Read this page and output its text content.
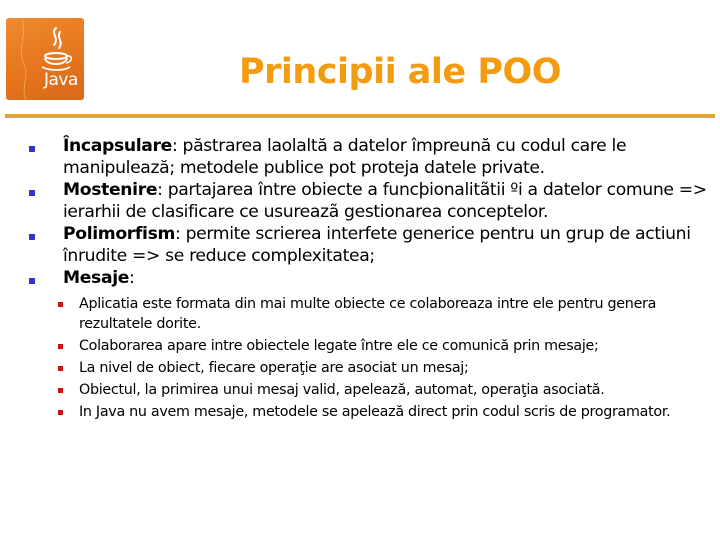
Java	Principii ale POO
Încapsulare: păstrarea laolaltă a datelor împreună cu codul care le manipulează; metodele publice pot proteja datele private.
Mostenire: partajarea între obiecte a funcþionalitãtii ºi a datelor comune => ierarhii de clasificare ce usureazã gestionarea conceptelor.
Polimorfism: permite scrierea interfete generice pentru un grup de actiuni înrudite => se reduce complexitatea;
Mesaje:
Aplicatia este formata din mai multe obiecte ce colaboreaza intre ele pentru genera rezultatele dorite.
Colaborarea apare intre obiectele legate între ele ce comunică prin mesaje;
La nivel de obiect, fiecare operaţie are asociat un mesaj;
Obiectul, la primirea unui mesaj valid, apelează, automat, operaţia asociată.
In Java nu avem mesaje, metodele se apelează direct prin codul scris de programator.
